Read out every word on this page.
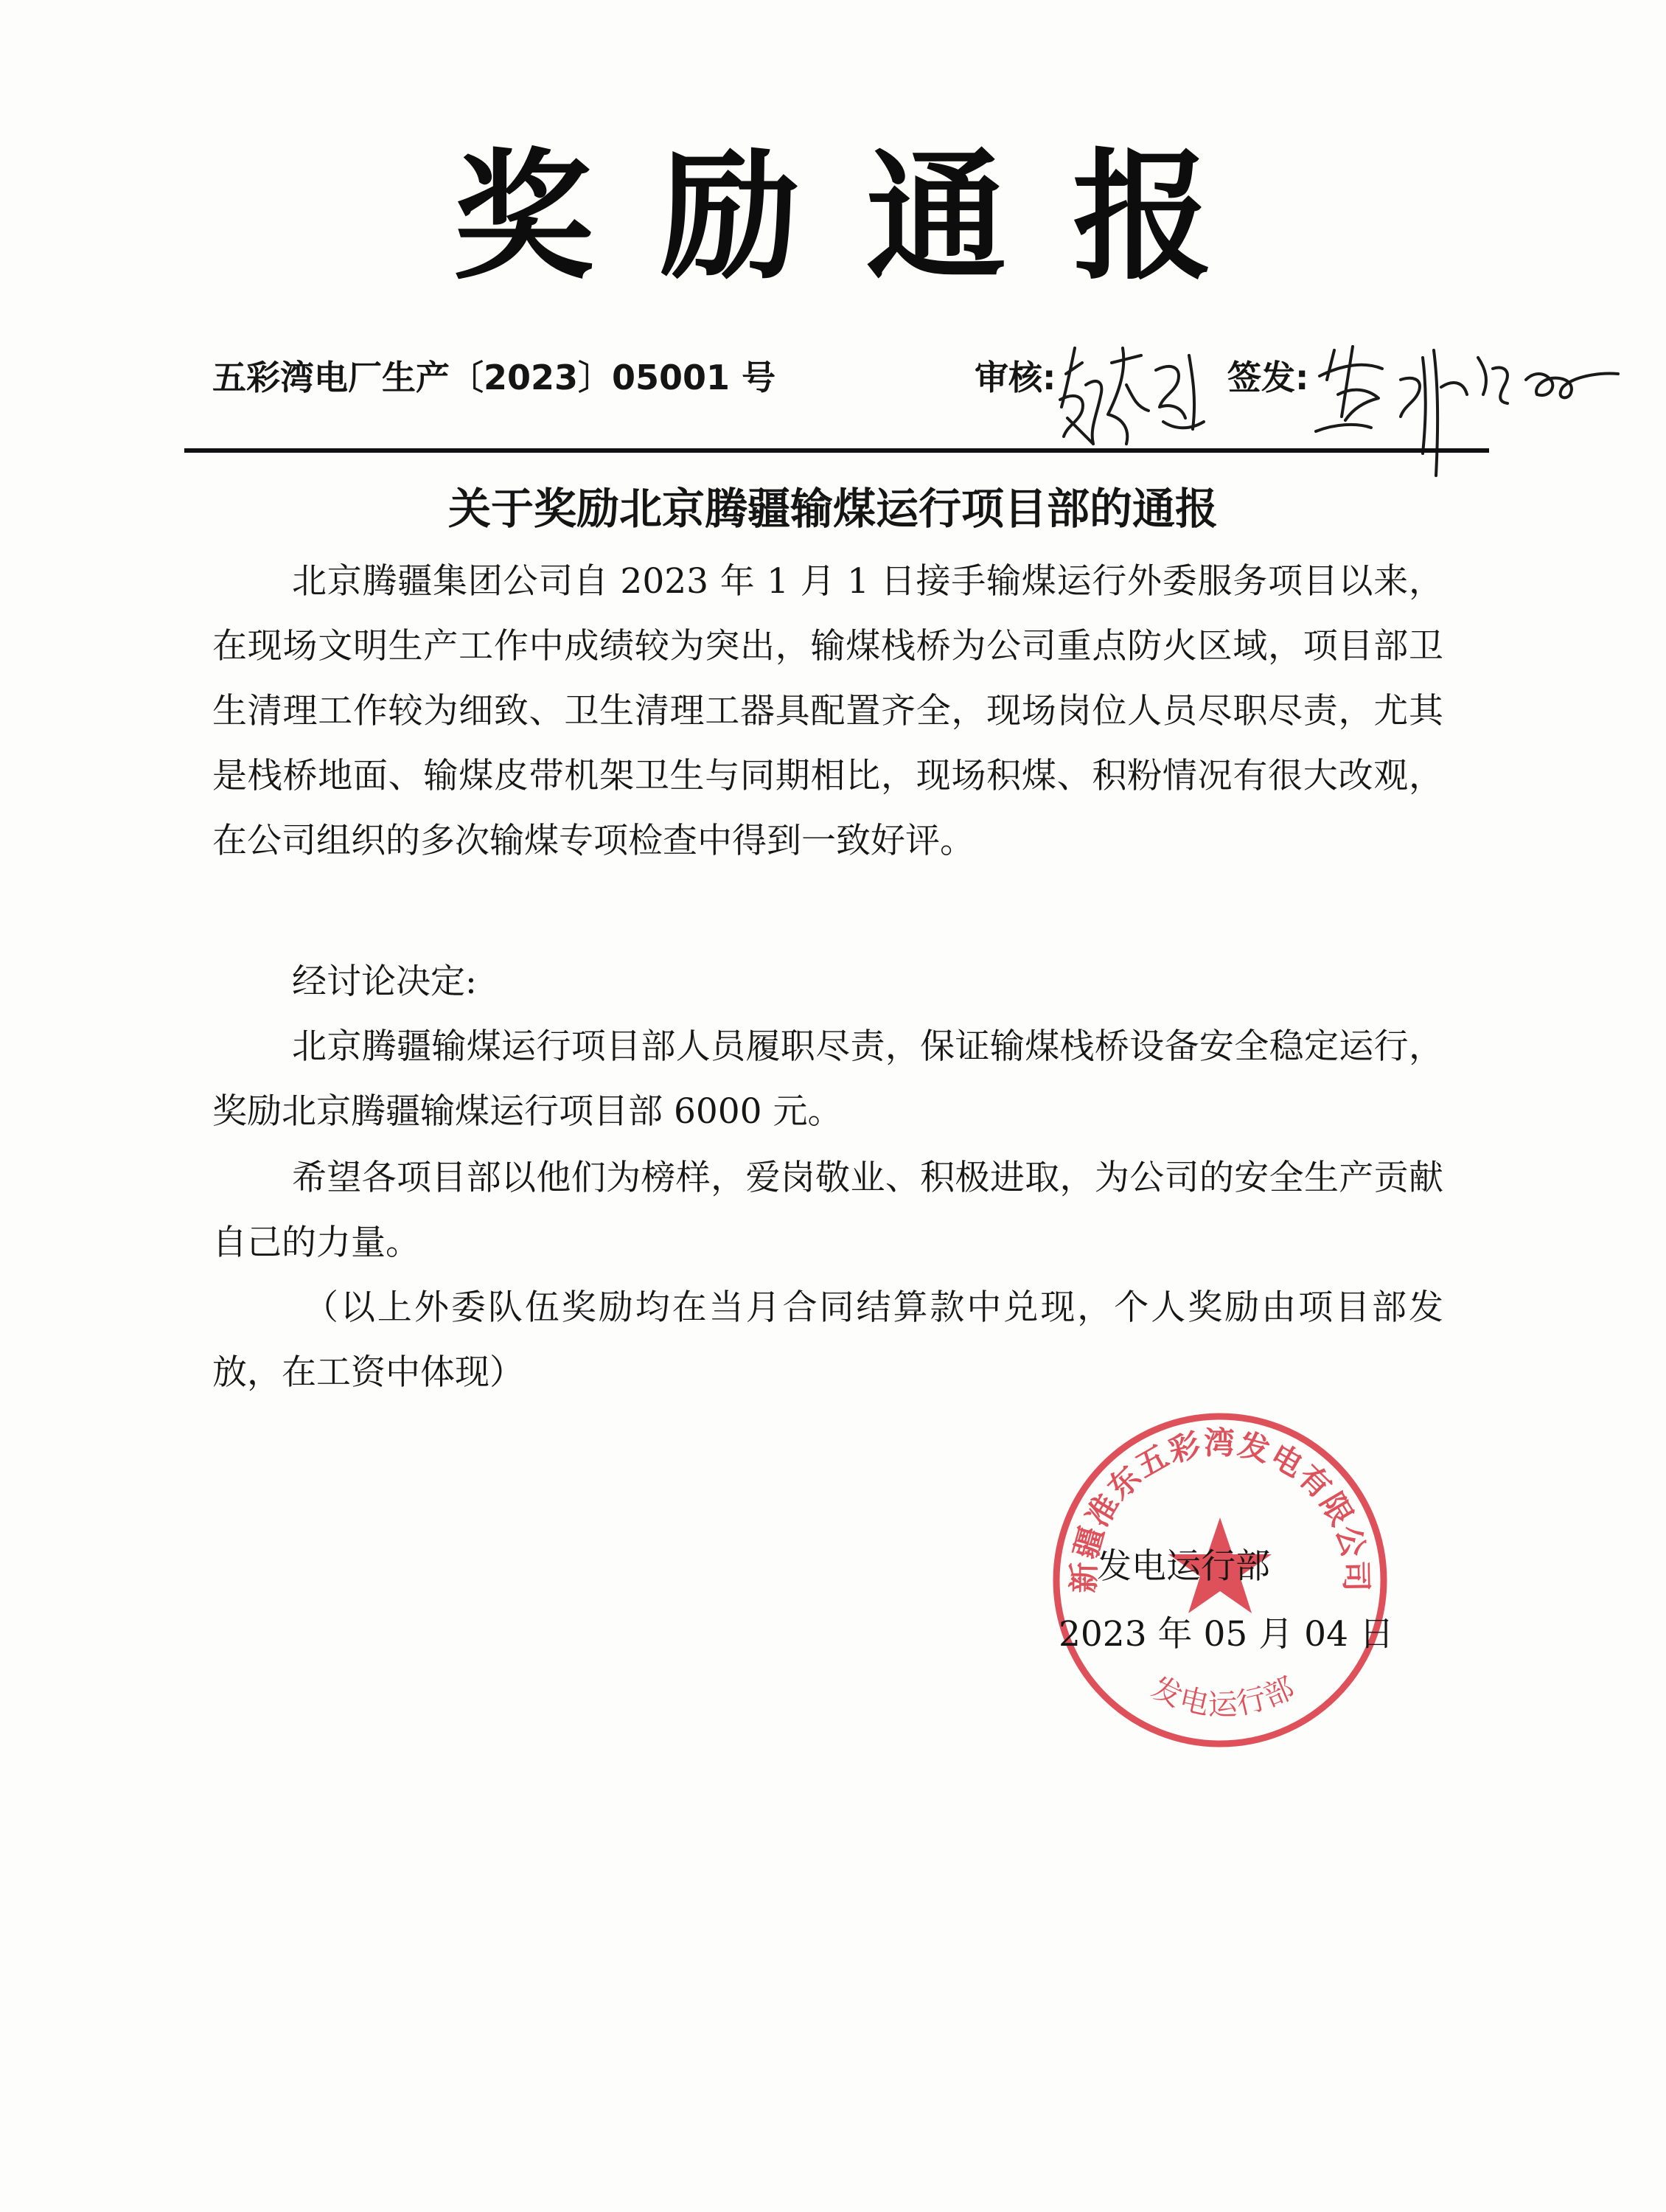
奖励通报
五彩湾电厂生产〔2023〕05001 号	审核:	签发:
关于奖励北京腾疆输煤运行项目部的通报

北京腾疆集团公司自 2023 年 1 月 1 日接手输煤运行外委服务项目以来，在现场文明生产工作中成绩较为突出，输煤栈桥为公司重点防火区域，项目部卫生清理工作较为细致、卫生清理工器具配置齐全，现场岗位人员尽职尽责，尤其是栈桥地面、输煤皮带机架卫生与同期相比，现场积煤、积粉情况有很大改观，在公司组织的多次输煤专项检查中得到一致好评。

经讨论决定:

北京腾疆输煤运行项目部人员履职尽责，保证输煤栈桥设备安全稳定运行，奖励北京腾疆输煤运行项目部 6000 元。

希望各项目部以他们为榜样，爱岗敬业、积极进取，为公司的安全生产贡献自己的力量。

（以上外委队伍奖励均在当月合同结算款中兑现，个人奖励由项目部发放，在工资中体现）

新疆准东五彩湾发电有限公司
发电运行部
发电运行部
2023 年 05 月 04 日
